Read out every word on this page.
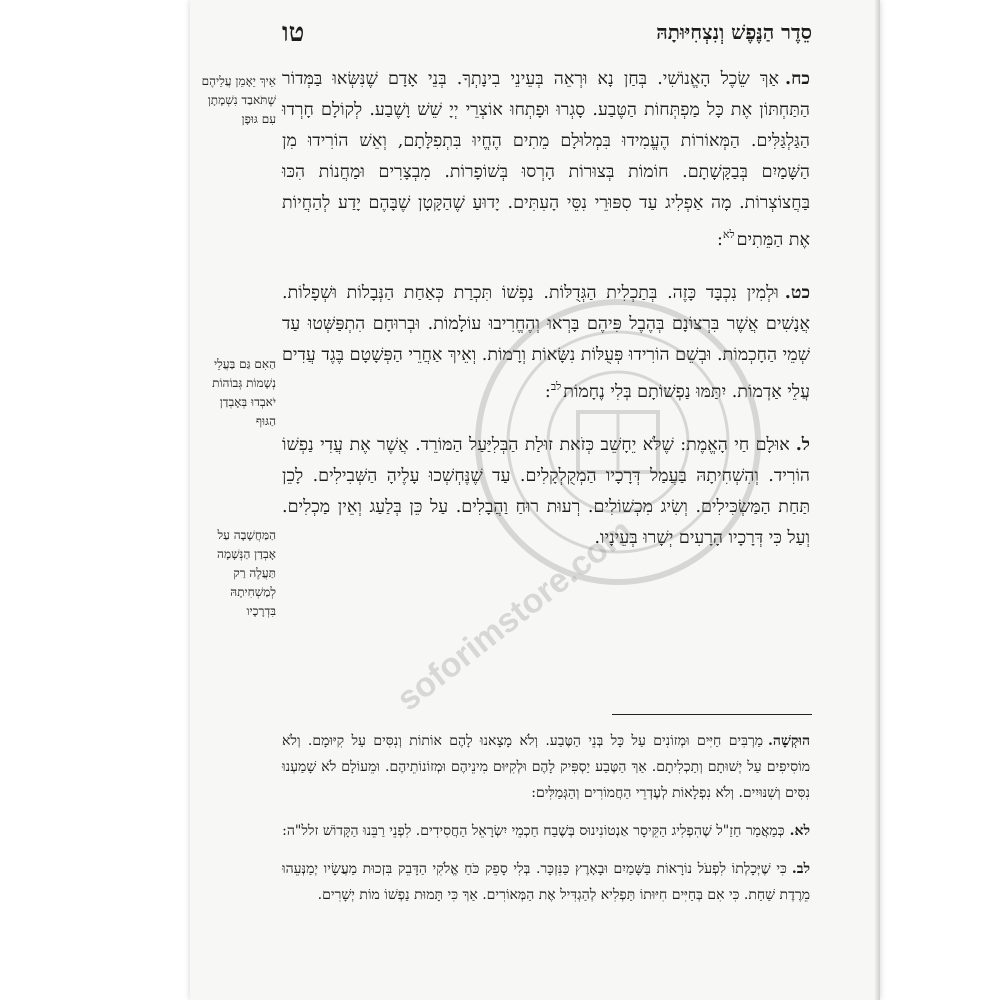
סֵדֶר הַנֶּפֶשׁ וְנִצְחִיּוּתָהּ
טו

כח.אַךְ שֵׂכֶל הָאֱנוֹשִׁי. בְּחַן נָא וּרְאֵה בְּעֵינֵי בִינָתְךָ. בְּנֵי אָדָם שֶׁנִּשְּׂאוּ בַּמְּדוֹר הַתַּחְתּוֹן אֶת כָּל מַפְתְּחוֹת הַטֶּבַע. סָגְרוּ וּפָתְחוּ אוֹצְרֵי יְיָ שֵׁשׁ וָשֶׁבַע. לְקוֹלָם חָרְדוּ הַגַּלְגַּלִּים. הַמְּאוֹרוֹת הֶעֱמִידוּ בִּמְלוּלָם מֵתִים הֶחֱיוּ בִּתְפִלָּתָם, וְאֵשׁ הוֹרִידוּ מִן הַשָּׁמַיִם בְּבַקָּשָׁתָם. חוֹמוֹת בְּצוּרוֹת הָרְסוּ בְּשׁוֹפָרוֹת. מִבְצָרִים וּמַחֲנוֹת הִכּוּ בַּחֲצוֹצְרוֹת. מָה אַפְלִיג עַד סִפּוּרֵי נִסֵּי הָעִתִּים. יָדוּעַ שֶׁהַקָּטָן שֶׁבָּהֶם יָדַע לְהַחֲיוֹת אֶת הַמֵּתִים$^{לא}$:

כט.וּלְמִין נִכְבָּד כָּזֶה. בְּתַכְלִית הַגְּדֻלּוֹת. נַפְשׁוֹ תִּכְרַת כְּאַחַת הַנְּבָלוֹת וּשְׁפָלוֹת. אֲנָשִׁים אֲשֶׁר בִּרְצוֹנָם בְּהֶבֶל פִּיהֶם בָּרְאוּ וְהֶחֱרִיבוּ עוֹלָמוֹת. וּבְרוּחָם הִתְפַּשְּׁטוּ עַד שְׁמֵי הַחָכְמוֹת. וּבְשֵׁם הוֹרִידוּ פְּעֻלּוֹת נִשָּׂאוֹת וְרָמוֹת. וְאֵיךְ אַחֲרֵי הַפְּשָׁטָם בֶּגֶד עֲדִים עֲלֵי אַדְמוֹת. יִתַּמּוּ נַפְשׁוֹתָם בְּלִי נֶחָמוֹת$^{לב}$:

ל.אוּלָם חַי הָאֱמֶת: שֶׁלֹּא יֵחָשֵׁב כְּזֹאת זוּלַת הַבְּלִיַּעַל הַמּוֹרֵד. אֲשֶׁר אֶת עֲדִי נַפְשׁוֹ הוֹרִיד. וְהִשְׁחִיתָהּ בַּעֲמַל דְּרָכָיו הַמְקֻלְקָלִים. עַד שֶׁנֶּחְשְׁכוּ עָלֶיהָ הַשְּׁבִילִים. לָכֵן תַּחַת הַמַּשְׂכִּילִים. וְשִׂיג מִכְשׁוֹלִים. רְעוּת רוּחַ וַהֲבָלִים. עַל כֵּן בְּלַעַג וְאֵין מַכְלִים. וְעַל כִּי דְּרָכָיו הָרָעִים יְשָׁרוּ בְּעֵינָיו.

אֵיךְ יֵאָמֵן עֲלֵיהֶם שֶׁתֹּאבַד נִשְׁמָתָן עִם גּוּפָן
הַאִם גַּם בַּעֲלֵי נְשָׁמוֹת גְּבוֹהוֹת יֹאבְדוּ בְּאָבְדַן הַגּוּף
הַמַּחֲשָׁבָה עַל אָבְדַן הַנְּשָׁמָה תַּעֲלֶה רַק לְמַשְׁחִיתָהּ בִּדְרָכָיו

הוּקְשָׁה.מַרְבִּים חַיִּים וּמְזוֹנִים עַל כָּל בְּנֵי הַטֶּבַע. וְלֹא מָצָאנוּ לָהֶם אוֹתוֹת וְנִסִּים עַל קִיּוּמָם. וְלֹא מוֹסִיפִים עַל יְשׁוּתָם וְתַכְלִיתָם. אַךְ הַטֶּבַע יַסְפִּיק לָהֶם וּלְקִיּוּם מִינֵיהֶם וּמְזוֹנוֹתֵיהֶם. וּמֵעוֹלָם לֹא שָׁמַעְנוּ נִסִּים וְשִׁנּוּיִים. וְלֹא נִפְלָאוֹת לְעֶדְרֵי הַחֲמוֹרִים וְהַגְּמַלִּים:

לא.כְּמַאֲמַר חַזַ"ל שֶׁהִפְלִיג הַקֵּיסָר אַנְטוֹנִינוּס בְּשֶׁבַח חַכְמֵי יִשְׂרָאֵל הַחֲסִידִים. לִפְנֵי רַבֵּנוּ הַקָּדוֹשׁ זלל"ה:

לב.כִּי שֶׁיְּכָלְתוֹ לִפְעֹל נוֹרָאוֹת בַּשָּׁמַיִם וּבָאָרֶץ כַּנִּזְכָּר. בְּלִי סָפֵק כֹּחַ אֱלֹקִי הַדָּבֵק בִּזְכוּת מַעֲשָׂיו יְמַנְּעֵהוּ מֵרֶדֶת שַׁחַת. כִּי אִם בְּחַיִּים חִיּוּתוֹ תַּפְלִיא לְהַגְדִּיל אֶת הַמְּאוֹרִים. אַךְ כִּי תָּמוּת נַפְשׁוֹ מוֹת יְשָׁרִים.

soforimstore.com
